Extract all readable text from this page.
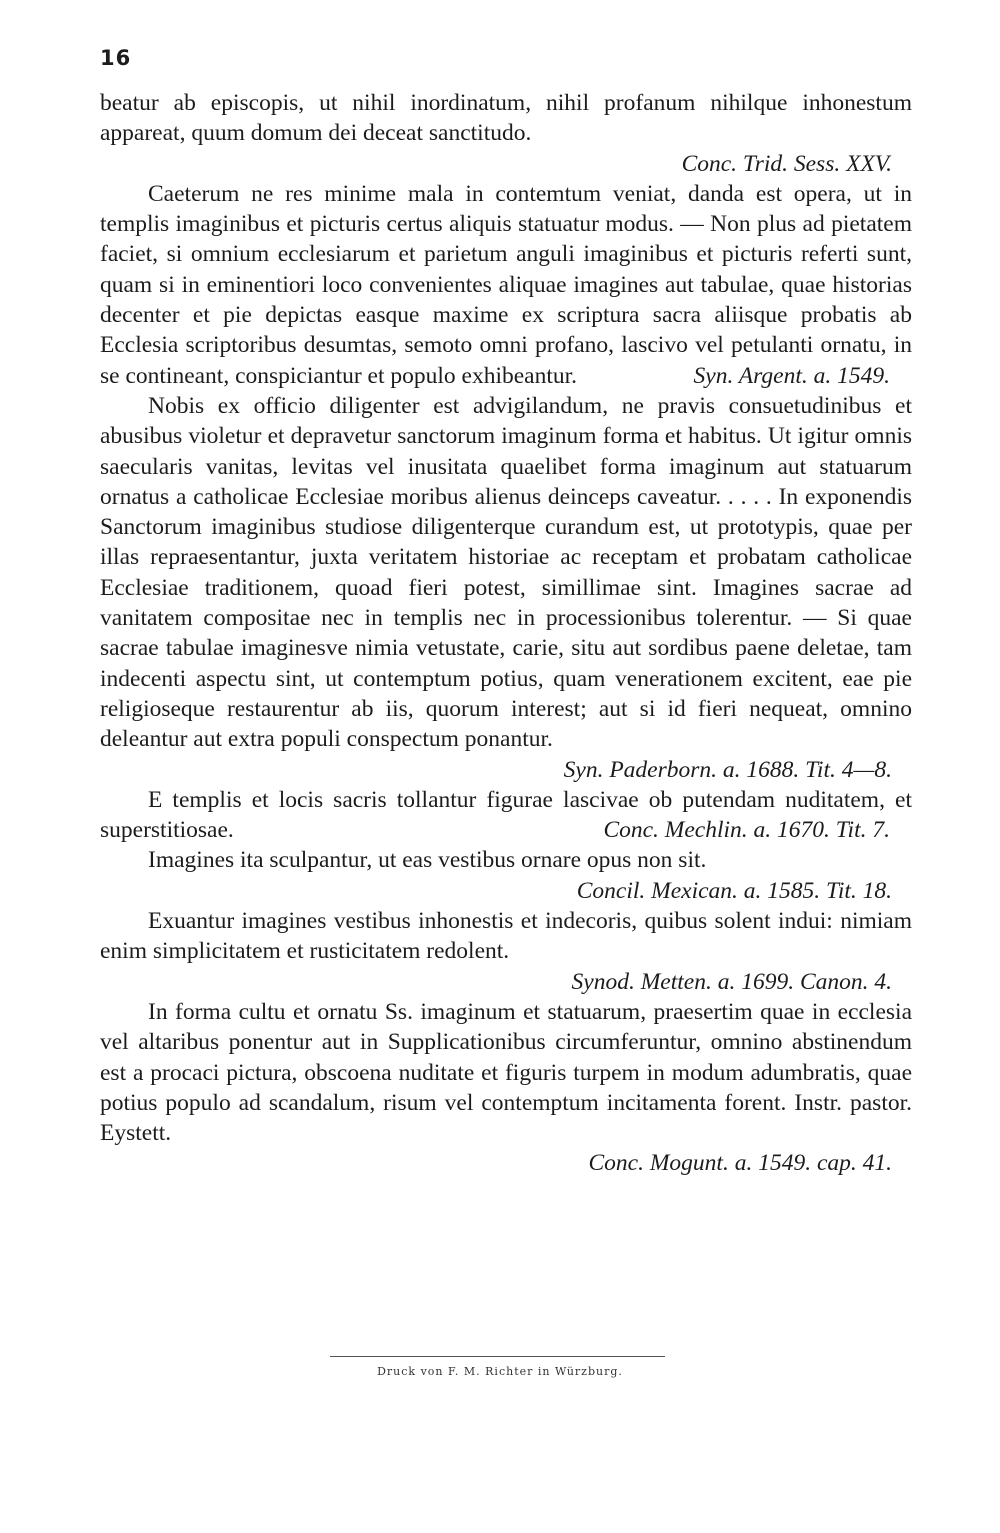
16

beatur ab episcopis, ut nihil inordinatum, nihil profanum nihilque inhonestum appareat, quum domum dei deceat sanctitudo.
Conc. Trid. Sess. XXV.

Caeterum ne res minime mala in contemtum veniat, danda est opera, ut in templis imaginibus et picturis certus aliquis statuatur modus. — Non plus ad pietatem faciet, si omnium ecclesiarum et parietum anguli imaginibus et picturis referti sunt, quam si in eminentiori loco convenientes aliquae imagines aut tabulae, quae historias decenter et pie depictas easque maxime ex scriptura sacra aliisque probatis ab Ecclesia scriptoribus desumtas, semoto omni profano, lascivo vel petulanti ornatu, in se contineant, conspiciantur et populo exhibeantur.	Syn. Argent. a. 1549.

Nobis ex officio diligenter est advigilandum, ne pravis consuetudinibus et abusibus violetur et depravetur sanctorum imaginum forma et habitus. Ut igitur omnis saecularis vanitas, levitas vel inusitata quaelibet forma imaginum aut statuarum ornatus a catholicae Ecclesiae moribus alienus deinceps caveatur. . . . . In exponendis Sanctorum imaginibus studiose diligenterque curandum est, ut prototypis, quae per illas repraesentantur, juxta veritatem historiae ac receptam et probatam catholicae Ecclesiae traditionem, quoad fieri potest, simillimae sint. Imagines sacrae ad vanitatem compositae nec in templis nec in processionibus tolerentur. — Si quae sacrae tabulae imaginesve nimia vetustate, carie, situ aut sordibus paene deletae, tam indecenti aspectu sint, ut contemptum potius, quam venerationem excitent, eae pie religioseque restaurentur ab iis, quorum interest; aut si id fieri nequeat, omnino deleantur aut extra populi conspectum ponantur.
Syn. Paderborn. a. 1688. Tit. 4—8.

E templis et locis sacris tollantur figurae lascivae ob putendam nuditatem, et superstitiosae.	Conc. Mechlin. a. 1670. Tit. 7.

Imagines ita sculpantur, ut eas vestibus ornare opus non sit.
Concil. Mexican. a. 1585. Tit. 18.

Exuantur imagines vestibus inhonestis et indecoris, quibus solent indui: nimiam enim simplicitatem et rusticitatem redolent.
Synod. Metten. a. 1699. Canon. 4.

In forma cultu et ornatu Ss. imaginum et statuarum, praesertim quae in ecclesia vel altaribus ponentur aut in Supplicationibus circumferuntur, omnino abstinendum est a procaci pictura, obscoena nuditate et figuris turpem in modum adumbratis, quae potius populo ad scandalum, risum vel contemptum incitamenta forent. Instr. pastor. Eystett.
Conc. Mogunt. a. 1549. cap. 41.

Druck von F. M. Richter in Würzburg.
